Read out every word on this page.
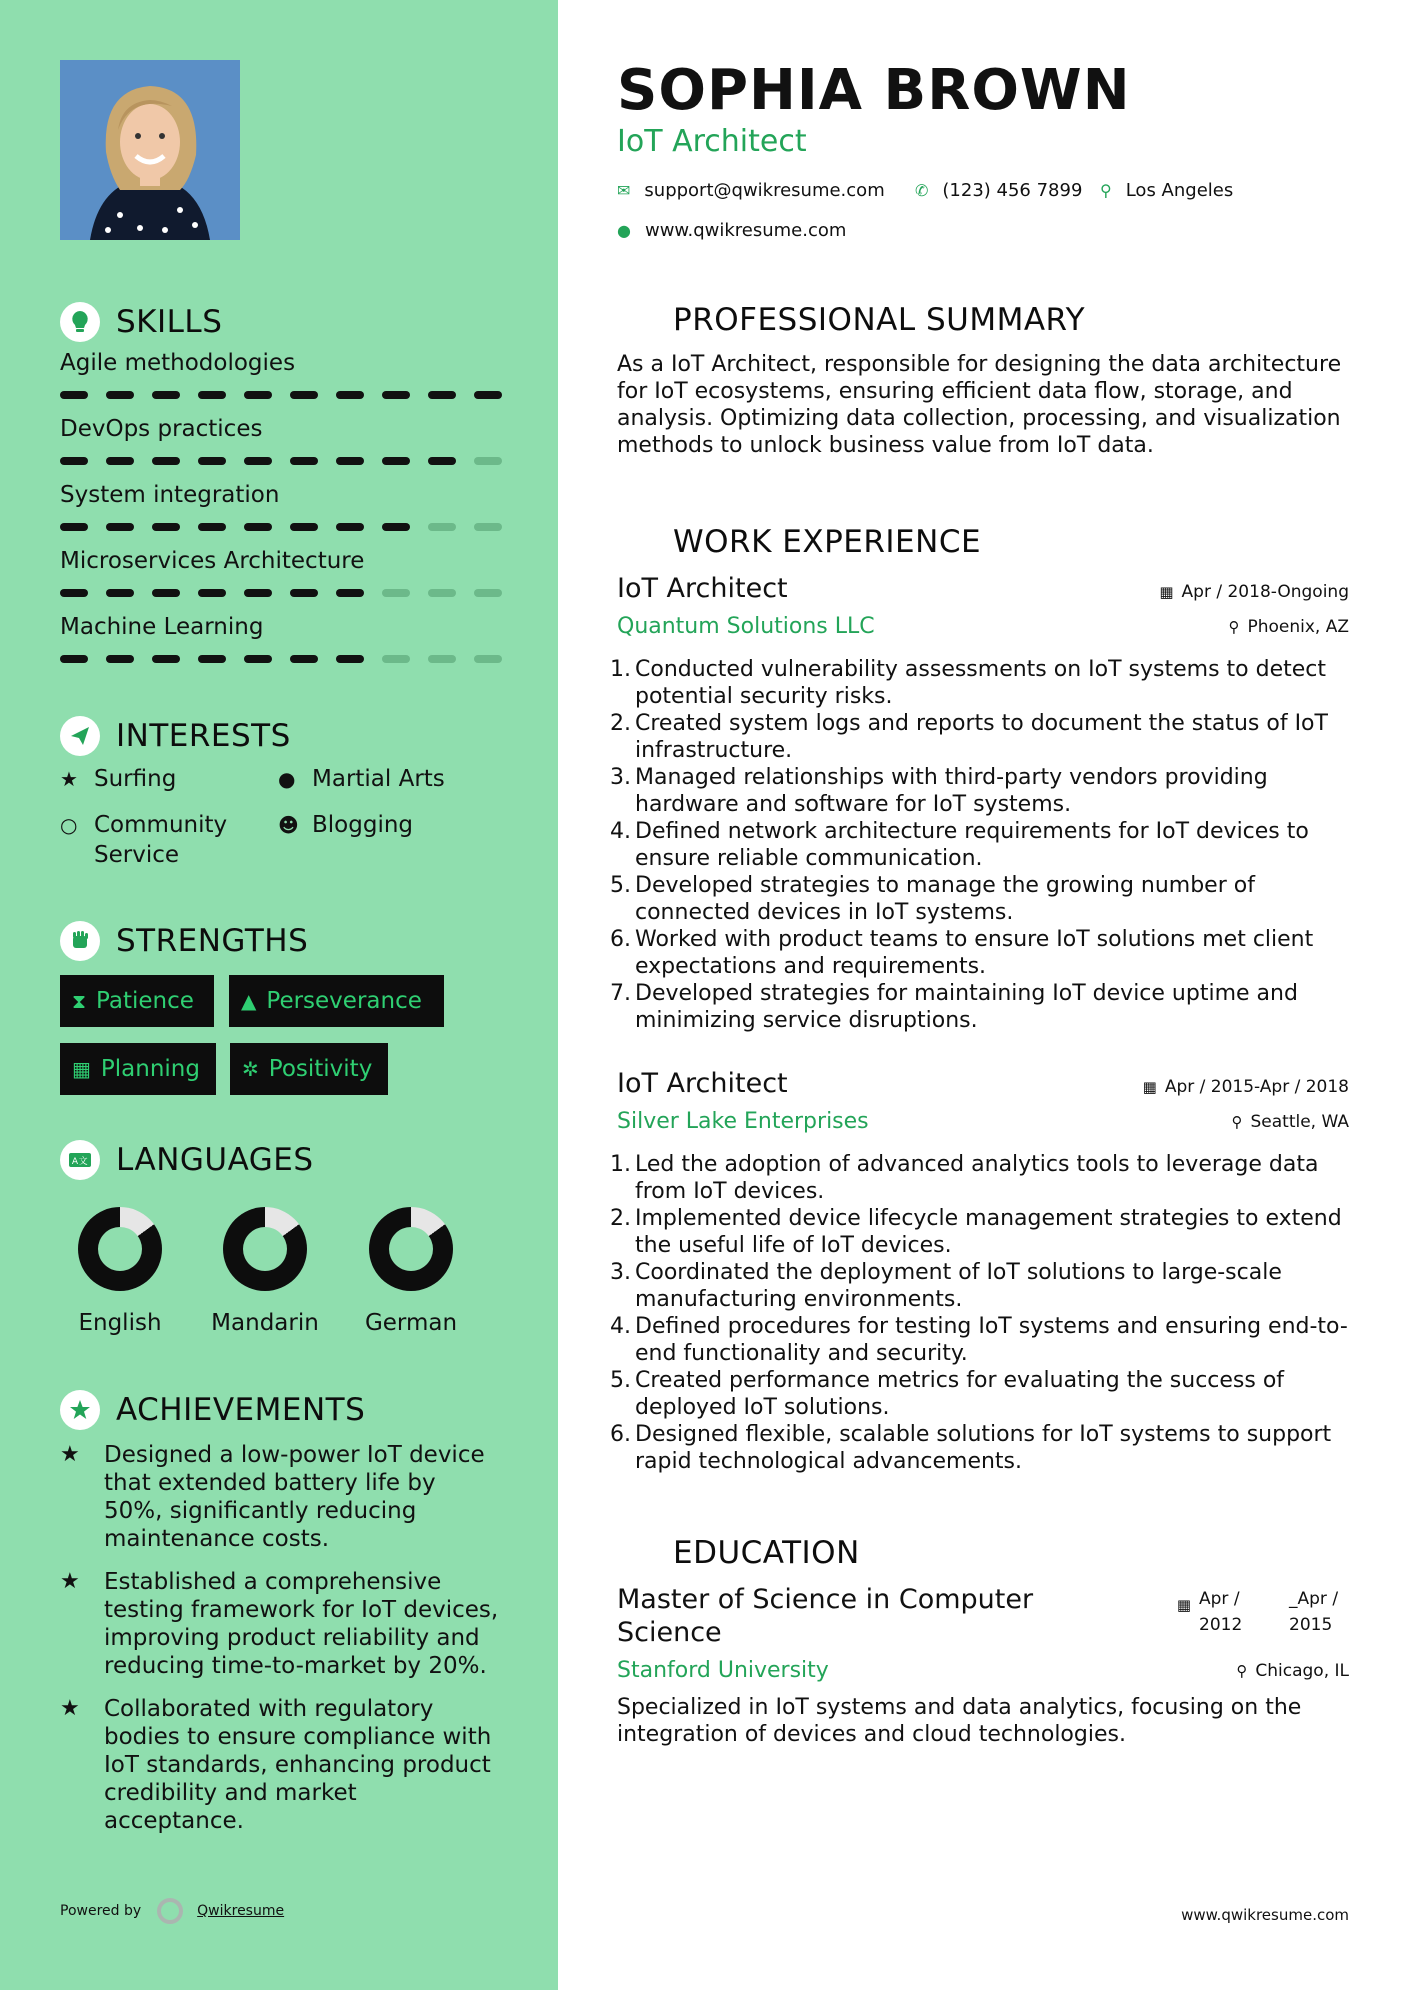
SKILLS
Agile methodologies
DevOps practices
System integration
Microservices Architecture
Machine Learning
INTERESTS
★ Surfing	● Martial Arts
○ Community Service
☻ Blogging
STRENGTHS
⧗ Patience ▲ Perseverance
▦ Planning ✲ Positivity
A文 LANGUAGES
English	Mandarin	German
ACHIEVEMENTS
★	Designed a low-power IoT device that extended battery life by 50%, significantly reducing maintenance costs.
★	Established a comprehensive testing framework for IoT devices, improving product reliability and reducing time-to-market by 20%.
★	Collaborated with regulatory bodies to ensure compliance with IoT standards, enhancing product credibility and market acceptance.
Powered by	Qwikresume
SOPHIA BROWN
IoT Architect
✉ support@qwikresume.com ✆ (123) 456 7899 ⚲ Los Angeles
● www.qwikresume.com
PROFESSIONAL SUMMARY
As a IoT Architect, responsible for designing the data architecture for IoT ecosystems, ensuring efficient data flow, storage, and analysis. Optimizing data collection, processing, and visualization methods to unlock business value from IoT data.
WORK EXPERIENCE
IoT Architect	▦ Apr / 2018-Ongoing
Quantum Solutions LLC	⚲ Phoenix, AZ
1. Conducted vulnerability assessments on IoT systems to detect potential security risks.
2. Created system logs and reports to document the status of IoT infrastructure.
3. Managed relationships with third-party vendors providing hardware and software for IoT systems.
4. Defined network architecture requirements for IoT devices to ensure reliable communication.
5. Developed strategies to manage the growing number of connected devices in IoT systems.
6. Worked with product teams to ensure IoT solutions met client expectations and requirements.
7. Developed strategies for maintaining IoT device uptime and minimizing service disruptions.
IoT Architect	▦ Apr / 2015-Apr / 2018
Silver Lake Enterprises	⚲ Seattle, WA
1. Led the adoption of advanced analytics tools to leverage data from IoT devices.
2. Implemented device lifecycle management strategies to extend the useful life of IoT devices.
3. Coordinated the deployment of IoT solutions to large-scale manufacturing environments.
4. Defined procedures for testing IoT systems and ensuring end-to-end functionality and security.
5. Created performance metrics for evaluating the success of deployed IoT solutions.
6. Designed flexible, scalable solutions for IoT systems to support rapid technological advancements.
EDUCATION
Master of Science in Computer Science
▦ Apr / 2012
_Apr / 2015
Stanford University	⚲ Chicago, IL
Specialized in IoT systems and data analytics, focusing on the integration of devices and cloud technologies.
www.qwikresume.com
